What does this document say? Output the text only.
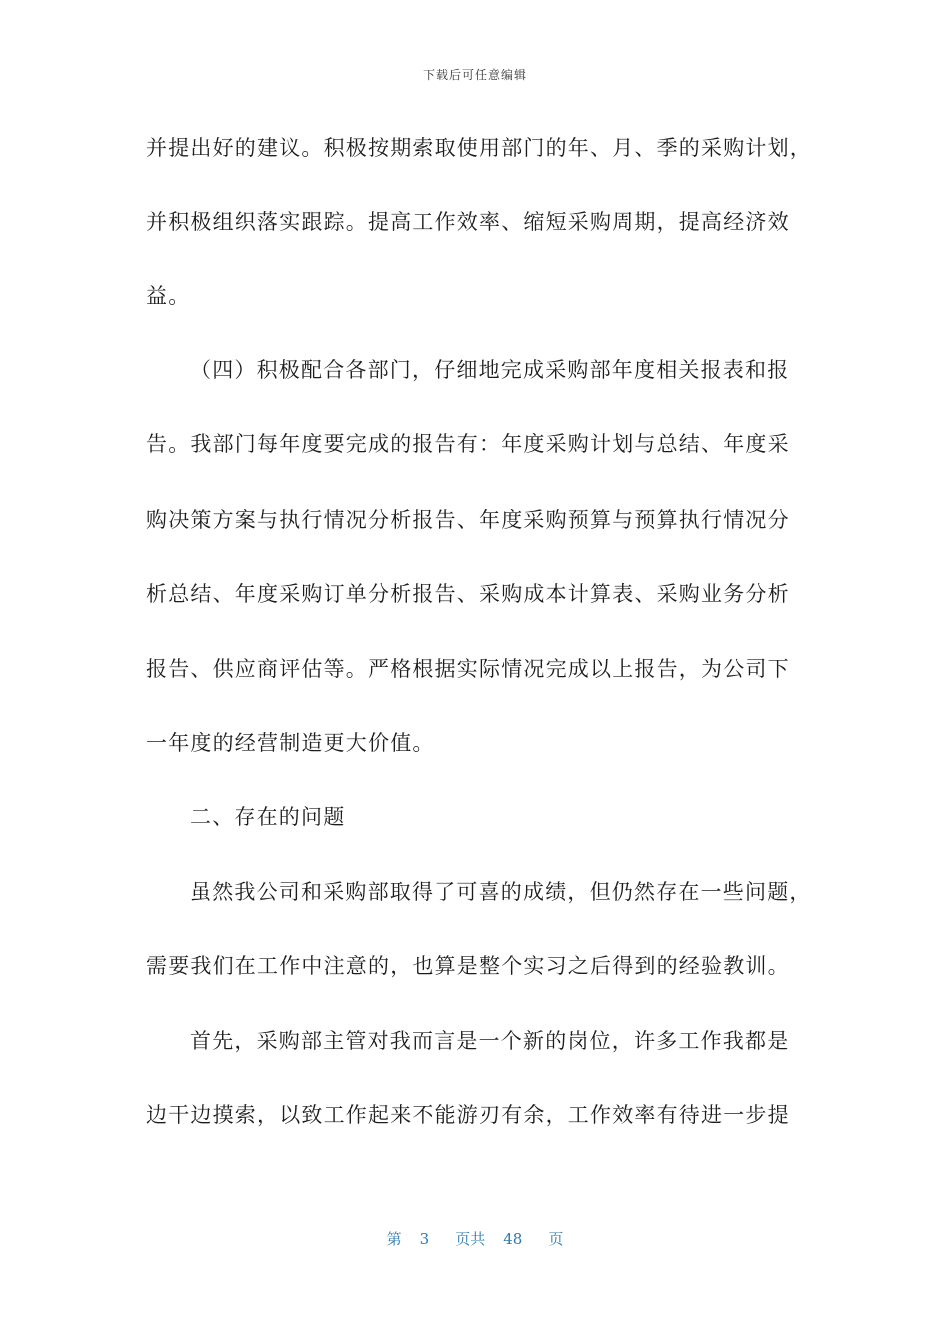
下载后可任意编辑
并提出好的建议。积极按期索取使用部门的年、月、季的采购计划，
并积极组织落实跟踪。提高工作效率、缩短采购周期，提高经济效
益。
（四）积极配合各部门，仔细地完成采购部年度相关报表和报
告。我部门每年度要完成的报告有：年度采购计划与总结、年度采
购决策方案与执行情况分析报告、年度采购预算与预算执行情况分
析总结、年度采购订单分析报告、采购成本计算表、采购业务分析
报告、供应商评估等。严格根据实际情况完成以上报告，为公司下
一年度的经营制造更大价值。
二、存在的问题
虽然我公司和采购部取得了可喜的成绩，但仍然存在一些问题，
需要我们在工作中注意的，也算是整个实习之后得到的经验教训。
首先，采购部主管对我而言是一个新的岗位，许多工作我都是
边干边摸索，以致工作起来不能游刃有余，工作效率有待进一步提
第 3 页共 48 页
